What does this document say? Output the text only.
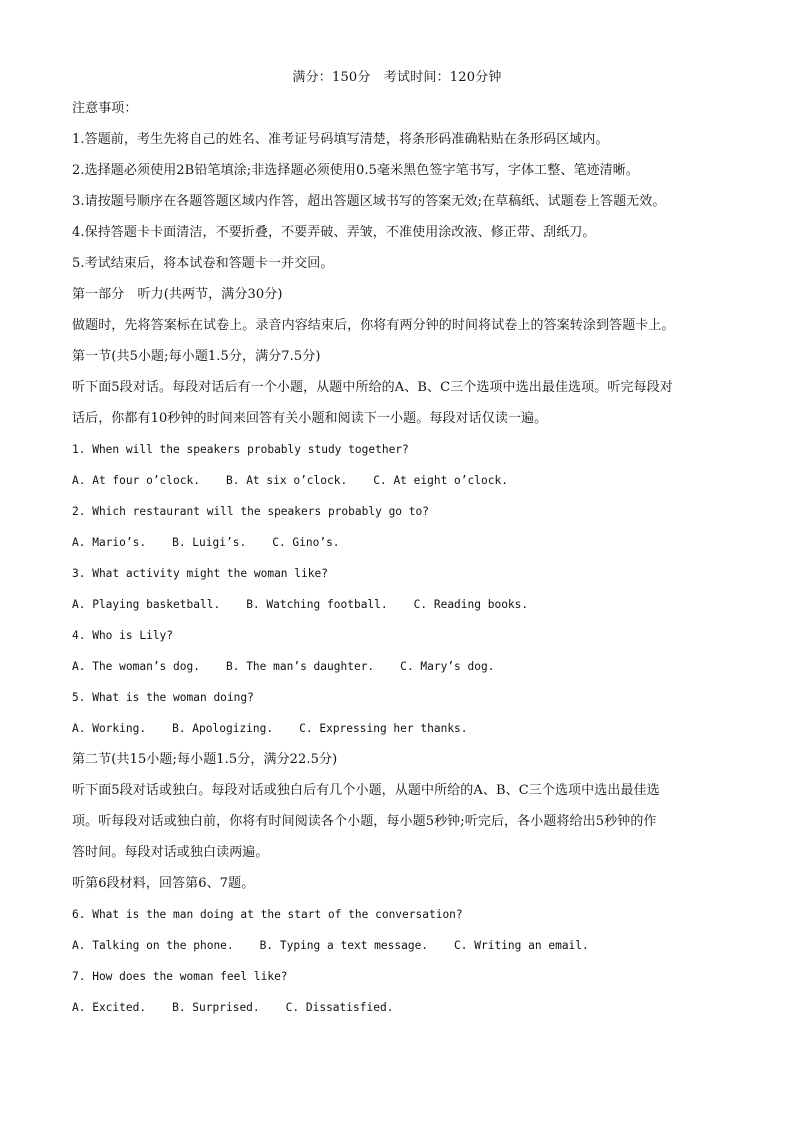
满分：150分　考试时间：120分钟
注意事项：
1.答题前，考生先将自己的姓名、准考证号码填写清楚，将条形码准确粘贴在条形码区域内。
2.选择题必须使用2B铅笔填涂;非选择题必须使用0.5毫米黑色签字笔书写，字体工整、笔迹清晰。
3.请按题号顺序在各题答题区域内作答，超出答题区域书写的答案无效;在草稿纸、试题卷上答题无效。
4.保持答题卡卡面清洁，不要折叠，不要弄破、弄皱，不准使用涂改液、修正带、刮纸刀。
5.考试结束后，将本试卷和答题卡一并交回。
第一部分　听力(共两节，满分30分)
做题时，先将答案标在试卷上。录音内容结束后，你将有两分钟的时间将试卷上的答案转涂到答题卡上。
第一节(共5小题;每小题1.5分，满分7.5分)
听下面5段对话。每段对话后有一个小题，从题中所给的A、B、C三个选项中选出最佳选项。听完每段对
话后，你都有10秒钟的时间来回答有关小题和阅读下一小题。每段对话仅读一遍。
1. When will the speakers probably study together?
A. At four o’clock. B. At six o’clock. C. At eight o’clock.
2. Which restaurant will the speakers probably go to?
A. Mario’s. B. Luigi’s. C. Gino’s.
3. What activity might the woman like?
A. Playing basketball. B. Watching football. C. Reading books.
4. Who is Lily?
A. The woman’s dog. B. The man’s daughter. C. Mary’s dog.
5. What is the woman doing?
A. Working. B. Apologizing. C. Expressing her thanks.
第二节(共15小题;每小题1.5分，满分22.5分)
听下面5段对话或独白。每段对话或独白后有几个小题，从题中所给的A、B、C三个选项中选出最佳选
项。听每段对话或独白前，你将有时间阅读各个小题，每小题5秒钟;听完后，各小题将给出5秒钟的作
答时间。每段对话或独白读两遍。
听第6段材料，回答第6、7题。
6. What is the man doing at the start of the conversation?
A. Talking on the phone. B. Typing a text message. C. Writing an email.
7. How does the woman feel like?
A. Excited. B. Surprised. C. Dissatisfied.
